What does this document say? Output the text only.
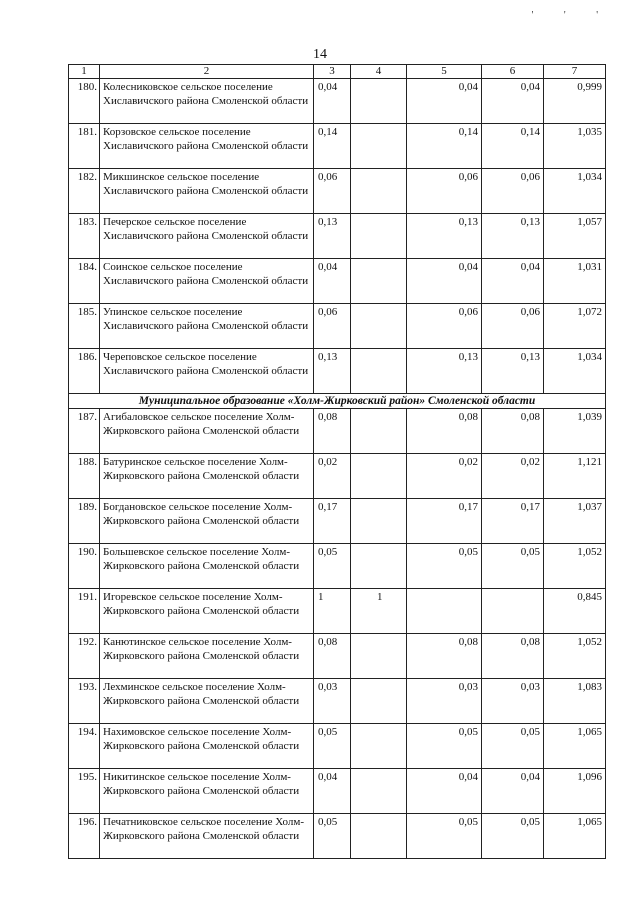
' ' '
14
1	2	3	4	5	6	7
180.	Колесниковское сельское поселение Хиславичского района Смоленской области	0,04		0,04	0,04	0,999
181.	Корзовское сельское поселение Хиславичского района Смоленской области	0,14		0,14	0,14	1,035
182.	Микшинское сельское поселение Хиславичского района Смоленской области	0,06		0,06	0,06	1,034
183.	Печерское сельское поселение Хиславичского района Смоленской области	0,13		0,13	0,13	1,057
184.	Соинское сельское поселение Хиславичского района Смоленской области	0,04		0,04	0,04	1,031
185.	Упинское сельское поселение Хиславичского района Смоленской области	0,06		0,06	0,06	1,072
186.	Череповское сельское поселение Хиславичского района Смоленской области	0,13		0,13	0,13	1,034
Муниципальное образование «Холм-Жирковский район» Смоленской области						
187.	Агибаловское сельское поселение Холм-Жирковского района Смоленской области	0,08		0,08	0,08	1,039
188.	Батуринское сельское поселение Холм-Жирковского района Смоленской области	0,02		0,02	0,02	1,121
189.	Богдановское сельское поселение Холм-Жирковского района Смоленской области	0,17		0,17	0,17	1,037
190.	Большевское сельское поселение Холм-Жирковского района Смоленской области	0,05		0,05	0,05	1,052
191.	Игоревское сельское поселение Холм-Жирковского района Смоленской области	1	1			0,845
192.	Канютинское сельское поселение Холм-Жирковского района Смоленской области	0,08		0,08	0,08	1,052
193.	Лехминское сельское поселение Холм-Жирковского района Смоленской области	0,03		0,03	0,03	1,083
194.	Нахимовское сельское поселение Холм-Жирковского района Смоленской области	0,05		0,05	0,05	1,065
195.	Никитинское сельское поселение Холм-Жирковского района Смоленской области	0,04		0,04	0,04	1,096
196.	Печатниковское сельское поселение Холм-Жирковского района Смоленской области	0,05		0,05	0,05	1,065
